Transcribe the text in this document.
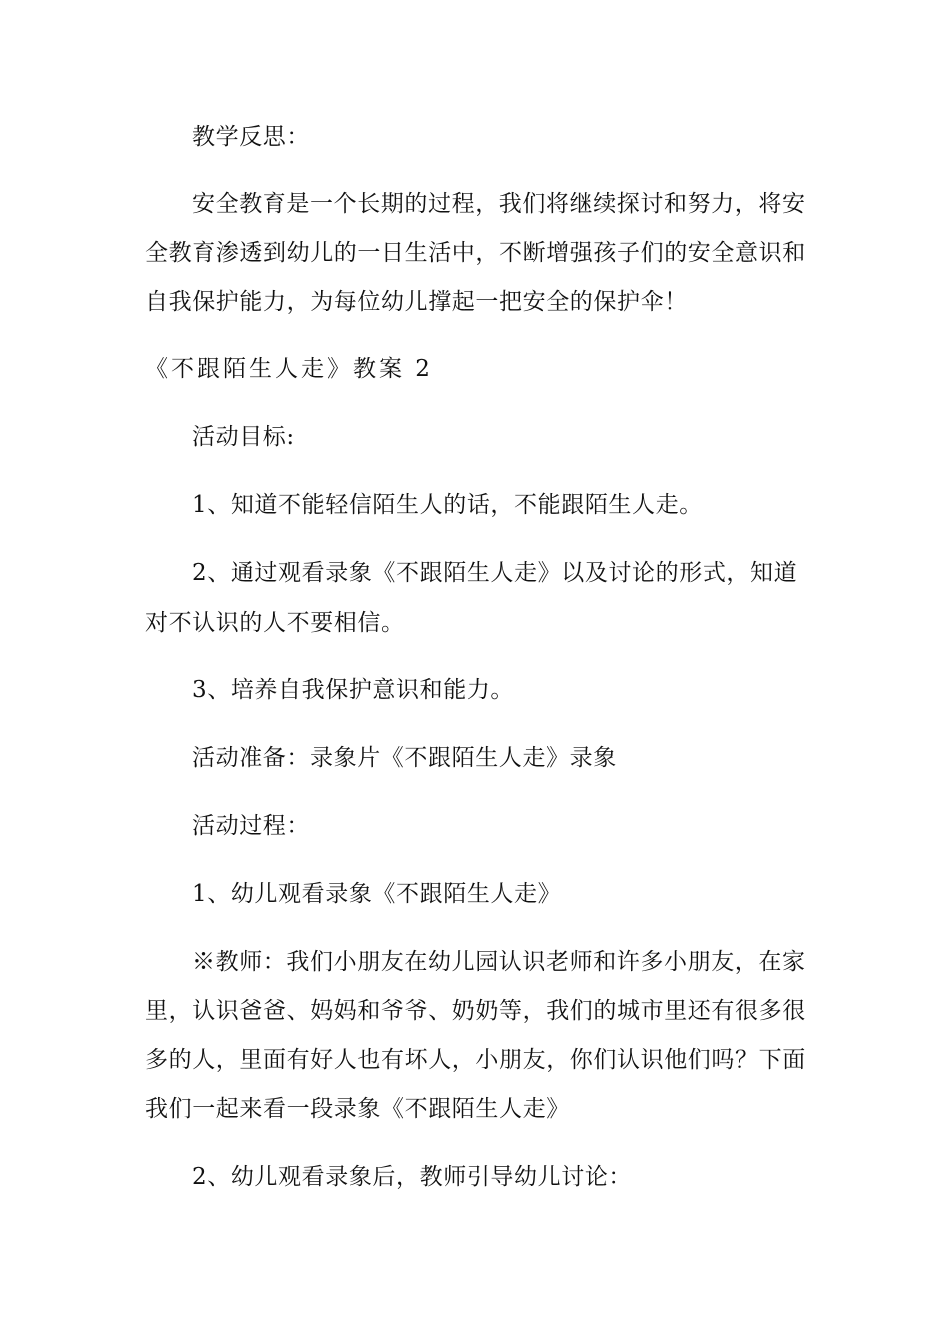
教学反思：
安全教育是一个长期的过程，我们将继续探讨和努力，将安
全教育渗透到幼儿的一日生活中，不断增强孩子们的安全意识和
自我保护能力，为每位幼儿撑起一把安全的保护伞！
《不跟陌生人走》教案 2
活动目标:
1、知道不能轻信陌生人的话，不能跟陌生人走。
2、通过观看录象《不跟陌生人走》以及讨论的形式，知道
对不认识的人不要相信。
3、培养自我保护意识和能力。
活动准备：录象片《不跟陌生人走》录象
活动过程：
1、幼儿观看录象《不跟陌生人走》
※教师：我们小朋友在幼儿园认识老师和许多小朋友，在家
里，认识爸爸、妈妈和爷爷、奶奶等，我们的城市里还有很多很
多的人，里面有好人也有坏人，小朋友，你们认识他们吗？下面
我们一起来看一段录象《不跟陌生人走》
2、幼儿观看录象后，教师引导幼儿讨论：
